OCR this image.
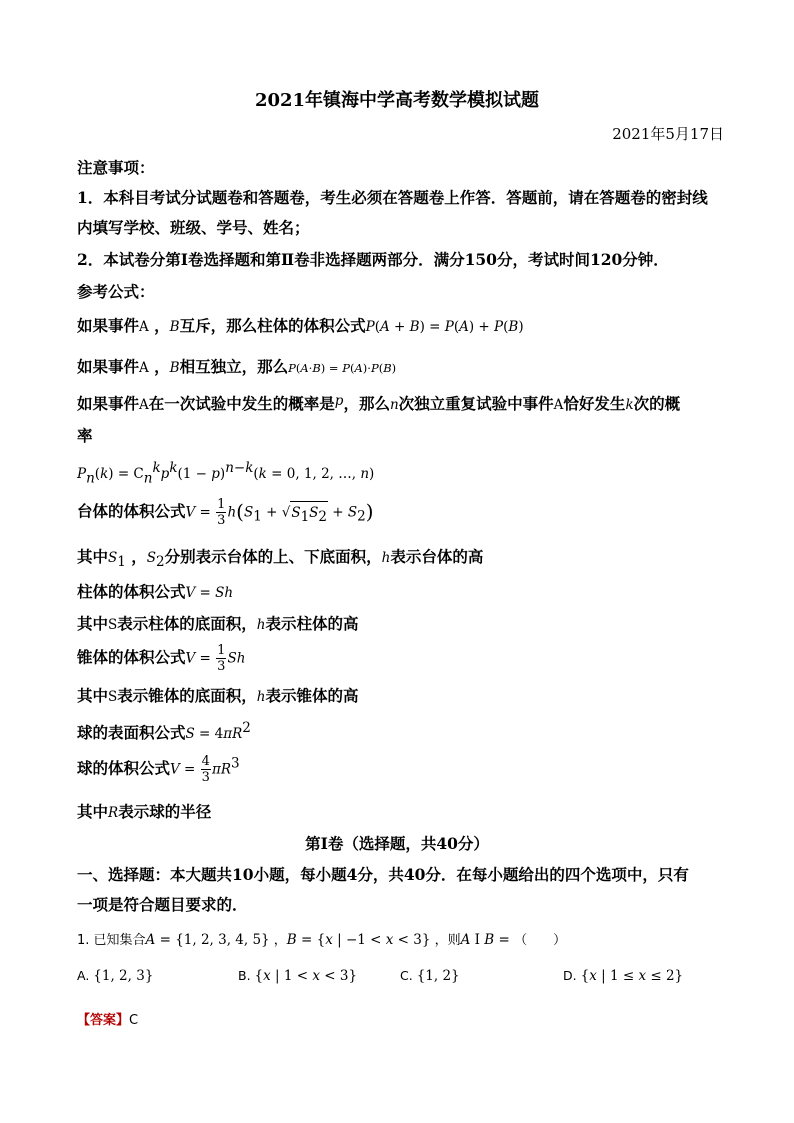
2021年镇海中学高考数学模拟试题
2021年5月17日
注意事项：
1．本科目考试分试题卷和答题卷，考生必须在答题卷上作答．答题前，请在答题卷的密封线
内填写学校、班级、学号、姓名；
2．本试卷分第Ⅰ卷选择题和第Ⅱ卷非选择题两部分．满分150分，考试时间120分钟．
参考公式：
如果事件A ，B互斥，那么柱体的体积公式P(A + B) = P(A) + P(B)
如果事件A ，B相互独立，那么P(A·B) = P(A)·P(B)
如果事件A在一次试验中发生的概率是p，那么n次独立重复试验中事件A恰好发生k次的概
率
$P_n(k) = C_n^kp^k(1 - p)^{n-k}(k = 0$, 1, 2, …, n)
台体的体积公式$V = \frac{1}{3} h(S_1 + √S_1S_2 + S_2)$
其中$S_1$ ，$S_2$分别表示台体的上、下底面积，h表示台体的高
柱体的体积公式V = Sh
其中S表示柱体的底面积，h表示柱体的高
锥体的体积公式$V = \frac{1}{3}$ Sh
其中S表示锥体的底面积，h表示锥体的高
球的表面积公式$S = 4\pi R^2$
球的体积公式$V = \frac{4}{3} \pi R^3$
其中R表示球的半径
第Ⅰ卷（选择题，共40分）
一、选择题：本大题共10小题，每小题4分，共40分．在每小题给出的四个选项中，只有
一项是符合题目要求的．
1. 已知集合A = {1, 2, 3, 4, 5} ，B = {x | −1 < x < 3} ，则A I B = （　　）
A. {1, 2, 3}	B. {x | 1 < x < 3}	C. {1, 2}	D. {x | 1 ≤ x ≤ 2}
【答案】C
